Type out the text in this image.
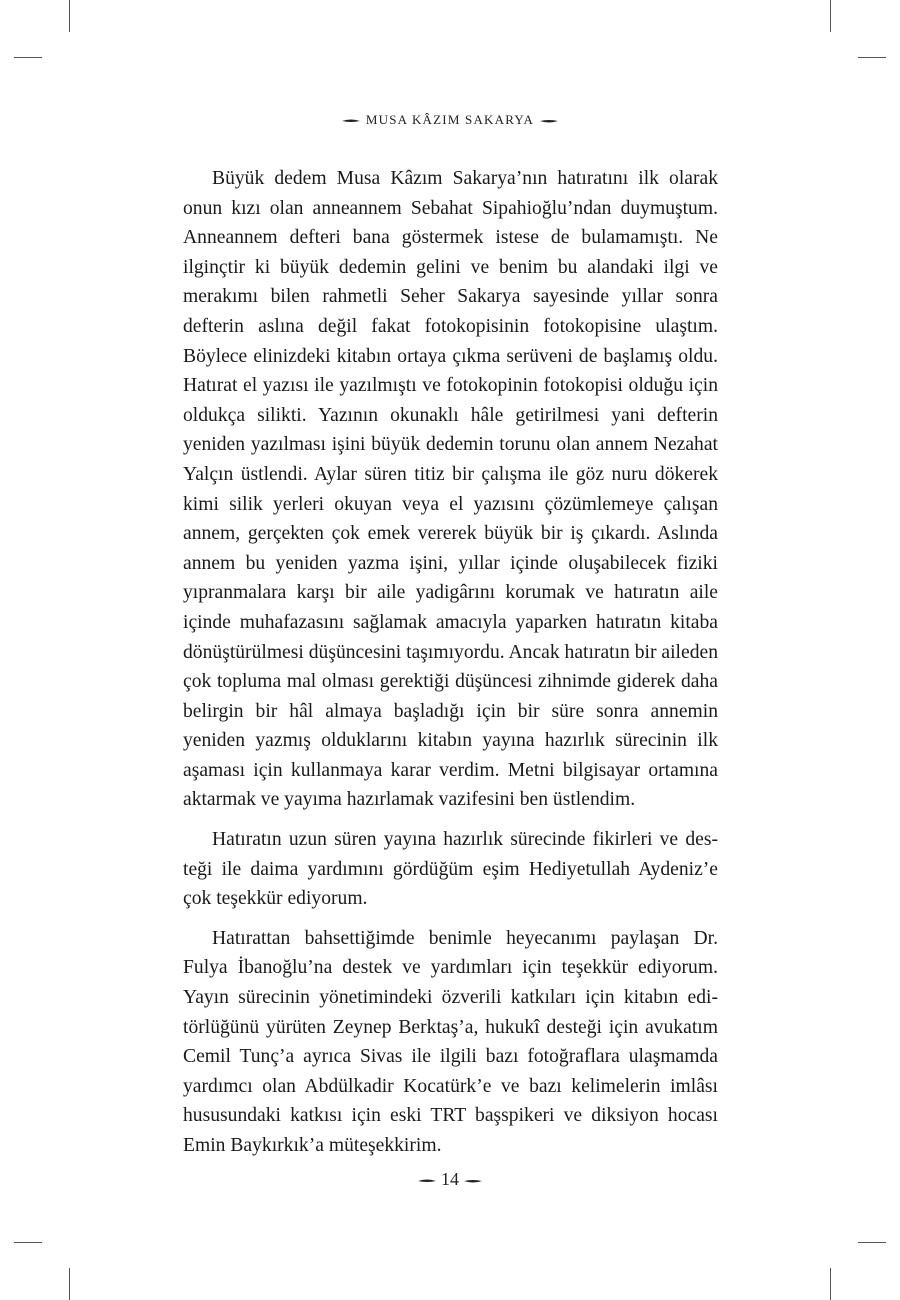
MUSA KÂZIM SAKARYA

Büyük dedem Musa Kâzım Sakarya’nın hatıratını ilk olarak onun kızı olan anneannem Sebahat Sipahioğlu’ndan duymuştum. Anneannem defteri bana göstermek istese de bulamamıştı. Ne ilginçtir ki büyük dedemin gelini ve benim bu alandaki ilgi ve merakımı bilen rahmetli Seher Sakarya sayesinde yıllar sonra defterin aslına değil fakat fotokopisinin fotokopisine ulaştım. Böylece elinizdeki kitabın ortaya çıkma serüveni de başlamış oldu. Hatırat el yazısı ile yazılmıştı ve fotokopinin fotokopisi olduğu için oldukça silikti. Yazının okunaklı hâle getirilmesi yani defterin yeniden yazılması işini büyük dedemin torunu olan annem Nezahat Yalçın üstlendi. Aylar süren titiz bir çalışma ile göz nuru dökerek kimi silik yerleri okuyan veya el yazısını çözümlemeye çalışan annem, gerçekten çok emek vererek büyük bir iş çıkardı. Aslında annem bu yeniden yazma işini, yıllar içinde oluşabilecek fiziki yıpranmalara karşı bir aile yadigârını korumak ve hatıratın aile içinde muhafazasını sağlamak amacıyla yaparken hatıratın kitaba dönüştürülmesi düşüncesini taşımıyordu. Ancak hatıratın bir aileden çok topluma mal olması gerektiği düşüncesi zihnimde giderek daha belirgin bir hâl almaya başladığı için bir süre sonra annemin yeniden yazmış olduklarını kitabın yayına hazırlık sürecinin ilk aşaması için kullanmaya karar verdim. Metni bilgisayar ortamına aktarmak ve yayıma hazırlamak vazifesini ben üstlendim.

Hatıratın uzun süren yayına hazırlık sürecinde fikirleri ve desteği ile daima yardımını gördüğüm eşim Hediyetullah Aydeniz’e çok teşekkür ediyorum.

Hatırattan bahsettiğimde benimle heyecanımı paylaşan Dr. Fulya İbanoğlu’na destek ve yardımları için teşekkür ediyorum. Yayın sürecinin yönetimindeki özverili katkıları için kitabın editörlüğünü yürüten Zeynep Berktaş’a, hukukî desteği için avukatım Cemil Tunç’a ayrıca Sivas ile ilgili bazı fotoğraflara ulaşmamda yardımcı olan Abdülkadir Kocatürk’e ve bazı kelimelerin imlâsı hususundaki katkısı için eski TRT başspikeri ve diksiyon hocası Emin Baykırkık’a müteşekkirim.

14
